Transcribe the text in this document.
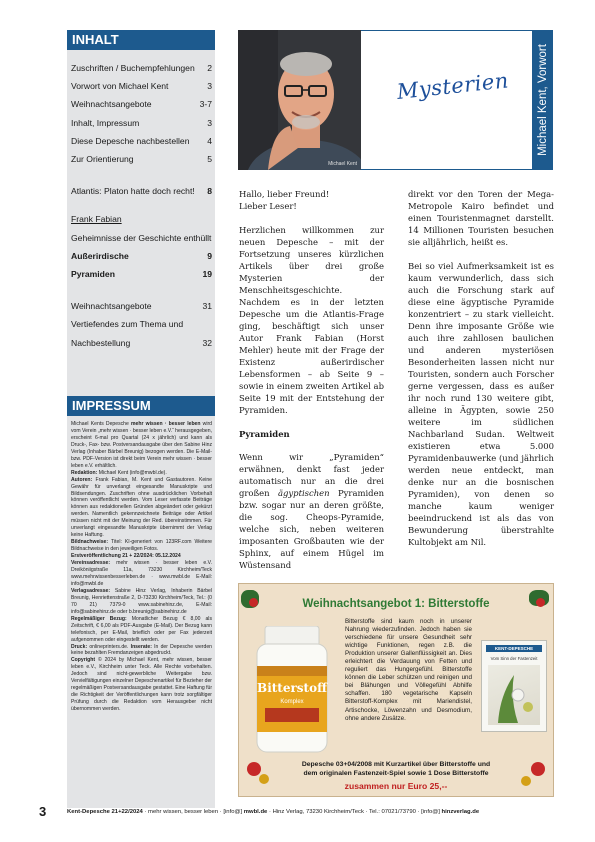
INHALT
Zuschriften / Buchempfehlungen 2
Vorwort von Michael Kent	3
Weihnachtsangebote	3-7
Inhalt, Impressum	3
Diese Depesche nachbestellen 4
Zur Orientierung	5
Atlantis: Platon hatte doch recht! 8
Frank Fabian
Geheimnisse der Geschichte enthüllt
Außerirdische	9
Pyramiden	19
Weihnachtsangebote	31
Vertiefendes zum Thema und
Nachbestellung	32
IMPRESSUM

Michael Kents Depesche mehr wissen · besser leben wird vom Verein „mehr wissen · besser leben e.V.“ herausgegeben, erscheint 6-mal pro Quartal (24 x jährlich) und kann als Druck-, Fax- bzw. Postversandausgabe über den Sabine Hinz Verlag (Inhaber Bärbel Breunig) bezogen werden. Die E-Mail- bzw. PDF-Version ist direkt beim Verein mehr wissen · besser leben e.V. erhältlich.

Redaktion: Michael Kent (info@mwbl.de).

Autoren: Frank Fabian, M. Kent und Gastautoren. Keine Gewähr für unverlangt eingesandte Manuskripte und Bildsendungen. Zuschriften ohne ausdrücklichen Vorbehalt können veröffentlicht werden. Vom Leser verfasste Beiträge können aus redaktionellen Gründen abgeändert oder gekürzt werden. Namentlich gekennzeichnete Beiträge oder Artikel müssen nicht mit der Meinung der Red. übereinstimmen. Für unverlangt eingesandte Manuskripte übernimmt der Verlag keine Haftung.

Bildnachweise: Titel: KI-generiert von 123RF.com Weitere Bildnachweise in den jeweiligen Fotos.

Erstveröffentlichung 21 + 22/2024: 05.12.2024

Vereinsadresse: mehr wissen · besser leben e.V. Dreiköniigstraße 11a, 73230 Kirchheim/Teck www.mehrwissenbesserleben.de · www.mwbl.de E-Mail: info@mwbl.de

Verlagsadresse: Sabine Hinz Verlag, Inhaberin Bärbel Breunig, Henriettenstraße 2, D-73230 Kirchheim/Teck, Tel.: (0 70 21) 7379-0 www.sabinehinz.de, E-Mail: info@sabinehinz.de oder b.breunig@sabinehinz.de

Regelmäßiger Bezug: Monatlicher Bezug € 8,00 als Zeitschrift, € 6,00 als PDF-Ausgabe (E-Mail). Der Bezug kann telefonisch, per E-Mail, brieflich oder per Fax jederzeit aufgenommen oder eingestellt werden.

Druck: onlineprinters.de. Inserate: In der Depesche werden keine bezahlten Fremdanzeigen abgedruckt.

Copyright © 2024 by Michael Kent, mehr wissen, besser leben e.V., Kirchheim unter Teck. Alle Rechte vorbehalten. Jedoch sind nicht-gewerbliche Weitergabe bzw. Vervielfältigungen einzelner Depeschenartikel für Bezieher der regelmäßigen Postversandausgabe gestattet. Eine Haftung für die Richtigkeit der Veröffentlichungen kann trotz sorgfältiger Prüfung durch die Redaktion vom Herausgeber nicht übernommen werden.

Michael Kent
Mysterien Michael Kent, Vorwort

Hallo, lieber Freund!
Lieber Leser!

Herzlichen willkommen zur neuen Depesche – mit der Fortsetzung unseres kürzlichen Artikels über drei große Mysterien der Menschheitsgeschichte. Nachdem es in der letzten Depesche um die Atlantis-Frage ging, beschäftigt sich unser Autor Frank Fabian (Horst Mehler) heute mit der Frage der Existenz außerirdischer Lebensformen – ab Seite 9 – sowie in einem zweiten Artikel ab Seite 19 mit der Entstehung der Pyramiden.

Pyramiden

Wenn wir „Pyramiden“ erwähnen, denkt fast jeder automatisch nur an die drei großen ägyptischen Pyramiden bzw. sogar nur an deren größte, die sog. Cheops-Pyramide, welche sich, neben weiteren imposanten Großbauten wie der Sphinx, auf einem Hügel im Wüstensand

direkt vor den Toren der Mega-Metropole Kairo befindet und einen Touristenmagnet darstellt. 14 Millionen Touristen besuchen sie alljährlich, heißt es.

Bei so viel Aufmerksamkeit ist es kaum verwunderlich, dass sich auch die Forschung stark auf diese eine ägyptische Pyramide konzentriert – zu stark vielleicht. Denn ihre imposante Größe wie auch ihre zahllosen baulichen und anderen mysteriösen Besonderheiten lassen nicht nur Touristen, sondern auch Forscher gerne vergessen, dass es außer ihr noch rund 130 weitere gibt, alleine in Ägypten, sowie 250 weitere im südlichen Nachbarland Sudan. Weltweit existieren etwa 5.000 Pyramidenbauwerke (und jährlich werden neue entdeckt, man denke nur an die bosnischen Pyramiden), von denen so manche kaum weniger beeindruckend ist als das von Bewunderung überstrahlte Kultobjekt am Nil.

Weihnachtsangebot 1: Bitterstoffe
Bitterstoff
Komplex
Bitterstoffe sind kaum noch in unserer Nahrung wiederzufinden. Jedoch haben sie verschiedene für unsere Gesundheit sehr wichtige Funktionen, regen z.B. die Produktion unserer Gallenflüssigkeit an. Dies erleichtert die Verdauung von Fetten und reguliert das Hungergefühl. Bitterstoffe können die Leber schützen und reinigen und bei Blähungen und Völlegefühl Abhilfe schaffen. 180 vegetarische Kapseln Bitterstoff-Komplex mit Mariendistel, Artischocke, Löwenzahn und Desmodium, ohne andere Zusätze.
KENT-DEPESCHE
Vom Sinn der Fastenzeit
Depesche 03+04/2008 mit Kurzartikel über Bitterstoffe und
dem originalen Fastenzeit-Spiel sowie 1 Dose Bitterstoffe
zusammen nur Euro 25,--
3	Kent-Depesche 21+22/2024 · mehr wissen, besser leben · [info@] mwbl.de · Hinz Verlag, 73230 Kirchheim/Teck · Tel.: 07021/73790 · [info@] hinzverlag.de
